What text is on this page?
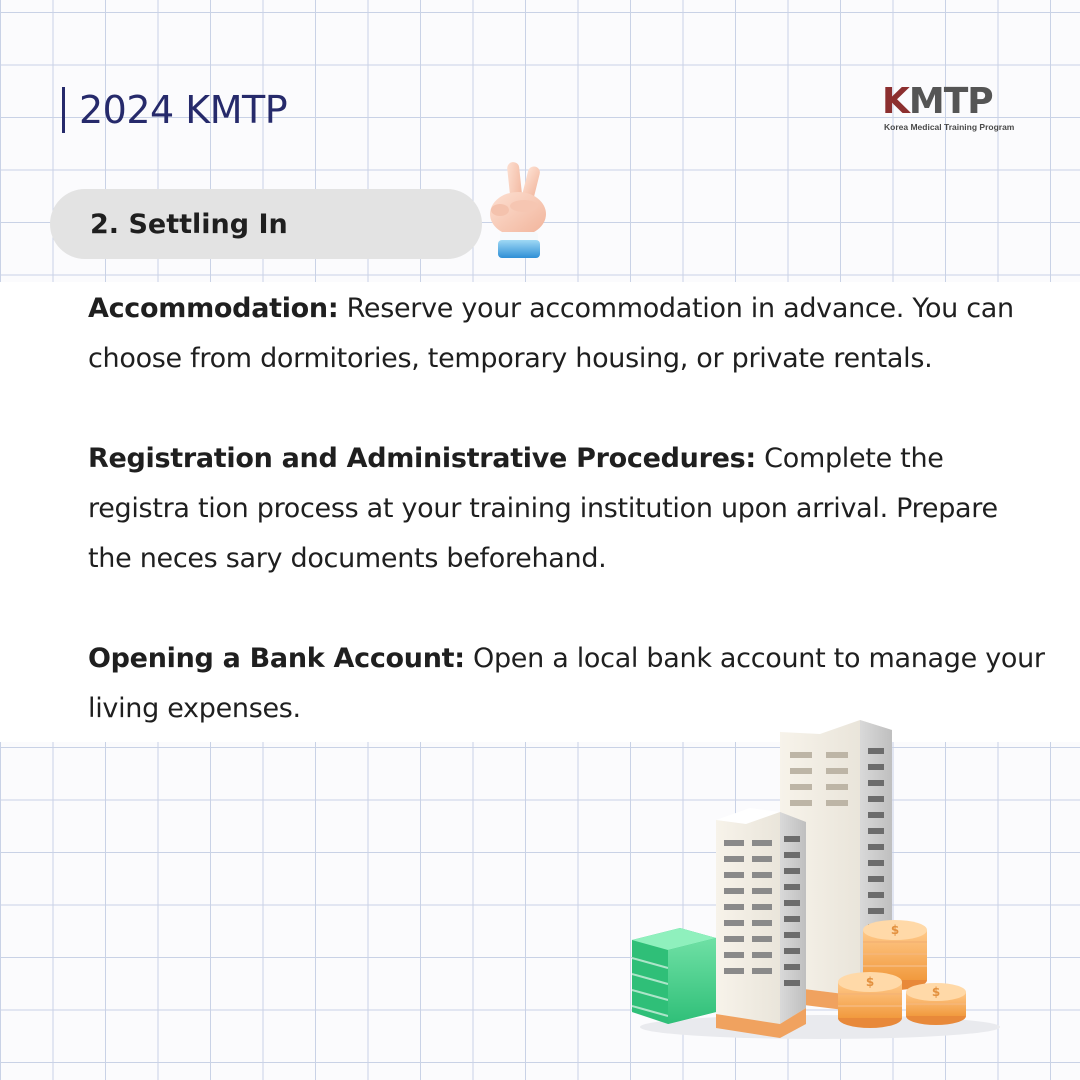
2024 KMTP	KMTP
Korea Medical Training Program
2. Settling In

Accommodation: Reserve your accommodation in advance. You can choose from dormitories, temporary housing, or private rentals.

Registration and Administrative Procedures: Complete the registra tion process at your training institution upon arrival. Prepare the neces sary documents beforehand.

Opening a Bank Account: Open a local bank account to manage your living expenses.

$
$
$
